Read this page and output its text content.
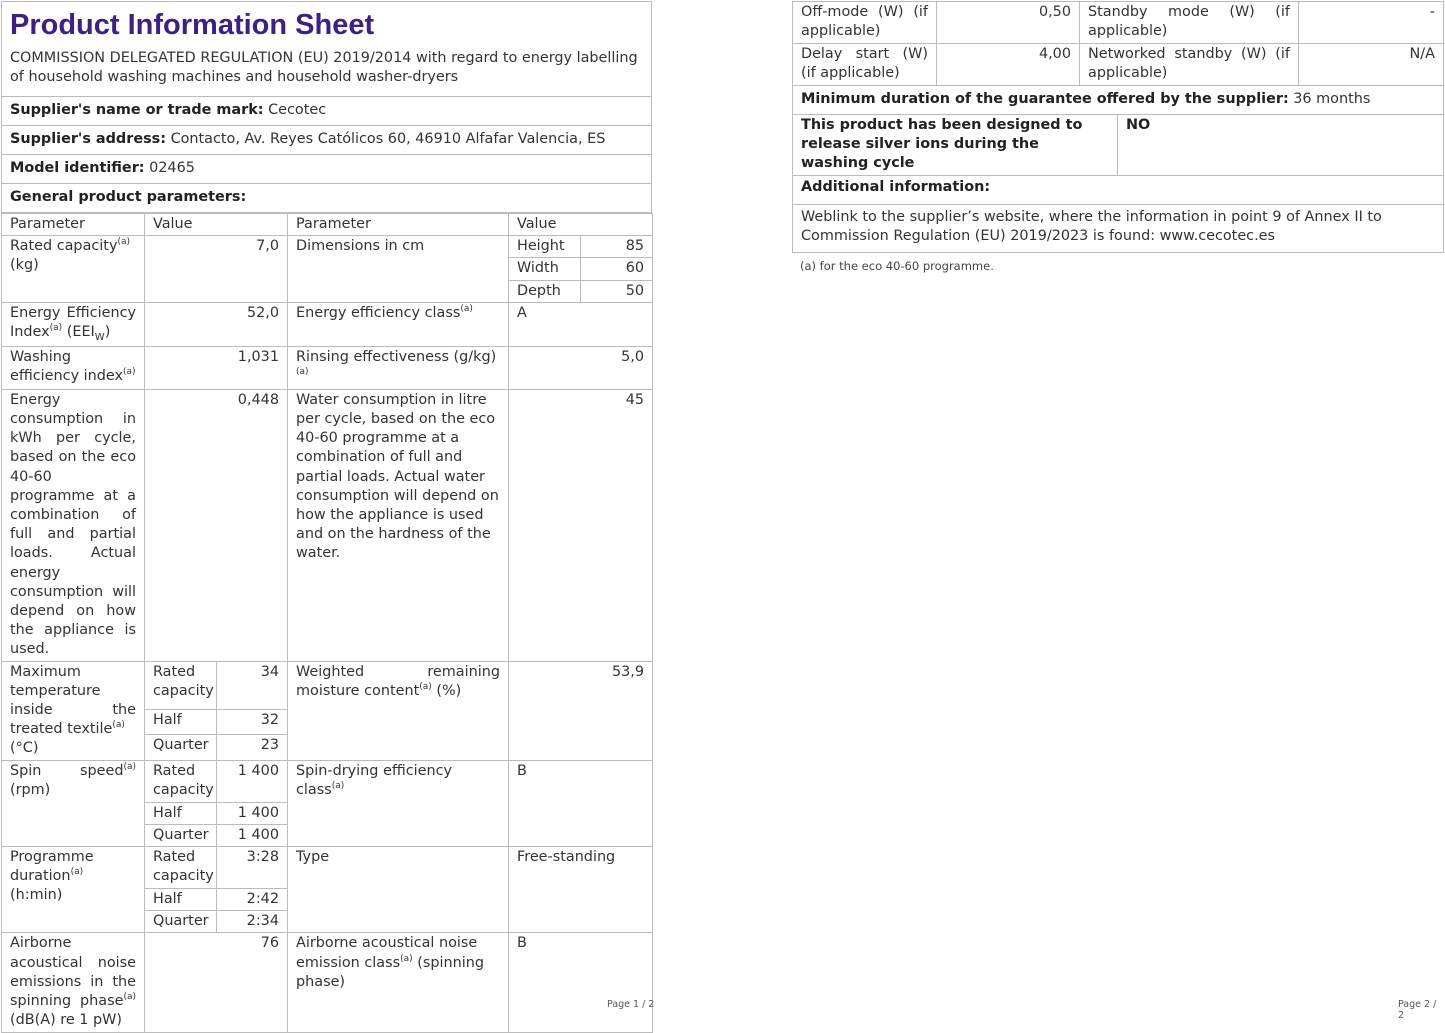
Product Information Sheet
COMMISSION DELEGATED REGULATION (EU) 2019/2014 with regard to energy labelling of household washing machines and household washer-dryers
Supplier's name or trade mark: Cecotec
Supplier's address: Contacto, Av. Reyes Católicos 60, 46910 Alfafar Valencia, ES
Model identifier: 02465
General product parameters:
Parameter	Value		Parameter	Value	
Rated capacity$^{(a)}$
(kg)	7,0		Dimensions in cm	Height	85
				Width	60
				Depth	50
Energy Efficiency Index$^{(a)}$ $(EEI_W)$	52,0		Energy efficiency class$^{(a)}$	A	
Washing efficiency index$^{(a)}$	1,031		Rinsing effectiveness $(g/kg)^{(a)}$	5,0	
Energy consumption in kWh per cycle, based on the eco 40-60 programme at a combination of full and partial loads. Actual energy consumption will depend on how the appliance is used.	0,448		Water consumption in litre per cycle, based on the eco 40-60 programme at a combination of full and partial loads. Actual water consumption will depend on how the appliance is used and on the hardness of the water.	45	
Maximum temperature inside the treated textile$^{(a)}$
(°C)	Rated capacity	34	Weighted remaining moisture content$^{(a)}$ (%)	53,9	
	Half	32			
	Quarter	23			
Spin speed$^{(a)}$ (rpm)	Rated capacity	1 400	Spin-drying efficiency class$^{(a)}$	B	
	Half	1 400			
	Quarter	1 400			
Programme duration$^{(a)}$ (h:min)	Rated capacity	3:28	Type	Free-standing	
	Half	2:42			
	Quarter	2:34			
Airborne acoustical noise emissions in the spinning phase$^{(a)}$ (dB(A) re 1 pW)	76		Airborne acoustical noise emission class$^{(a)}$ (spinning phase)	B	
Page 1 / 2
Off-mode (W) (if applicable)	0,50	Standby mode (W) (if applicable)	-
Delay start (W) (if applicable)	4,00	Networked standby (W) (if applicable)	N/A
Minimum duration of the guarantee offered by the supplier: 36 months			
This product has been designed to release silver ions during the washing cycle	NO
Additional information:
Weblink to the supplier’s website, where the information in point 9 of Annex II to Commission Regulation (EU) 2019/2023 is found: www.cecotec.es
(a) for the eco 40-60 programme.
Page 2 / 2
